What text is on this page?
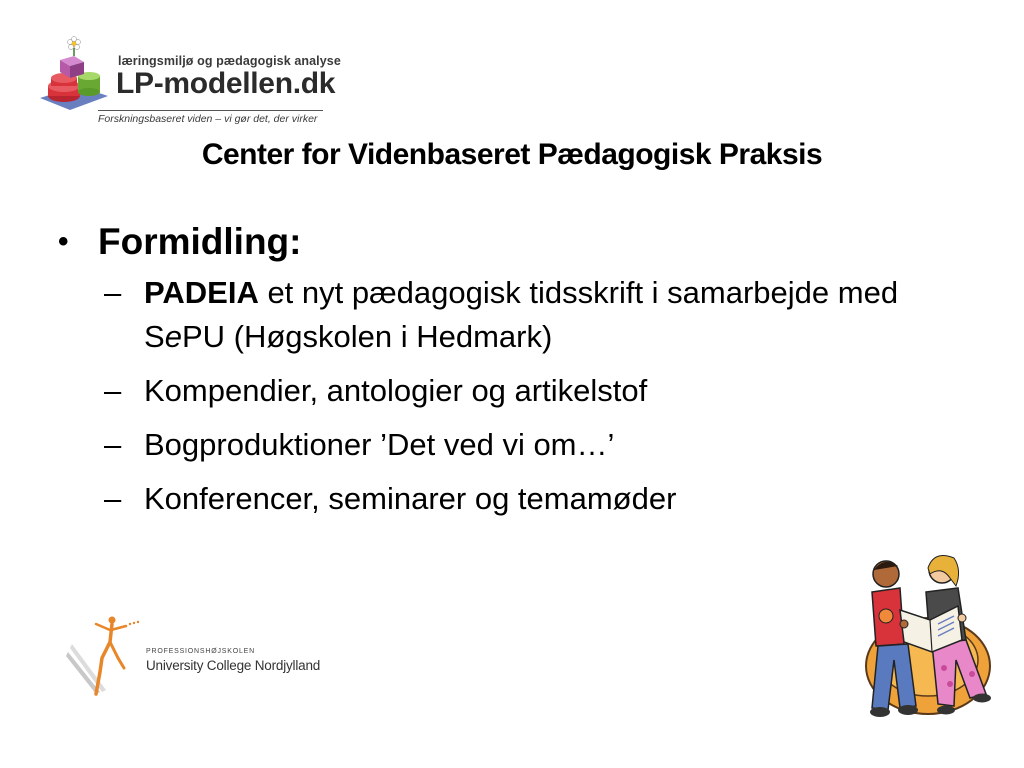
læringsmiljø og pædagogisk analyse
LP-modellen.dk
Forskningsbaseret viden – vi gør det, der virker
Center for Videnbaseret Pædagogisk Praksis
• Formidling:
– PADEIA et nyt pædagogisk tidsskrift i samarbejde med SePU (Høgskolen i Hedmark)
– Kompendier, antologier og artikelstof
– Bogproduktioner ’Det ved vi om…’
– Konferencer, seminarer og temamøder
PROFESSIONSHØJSKOLEN
University College Nordjylland
